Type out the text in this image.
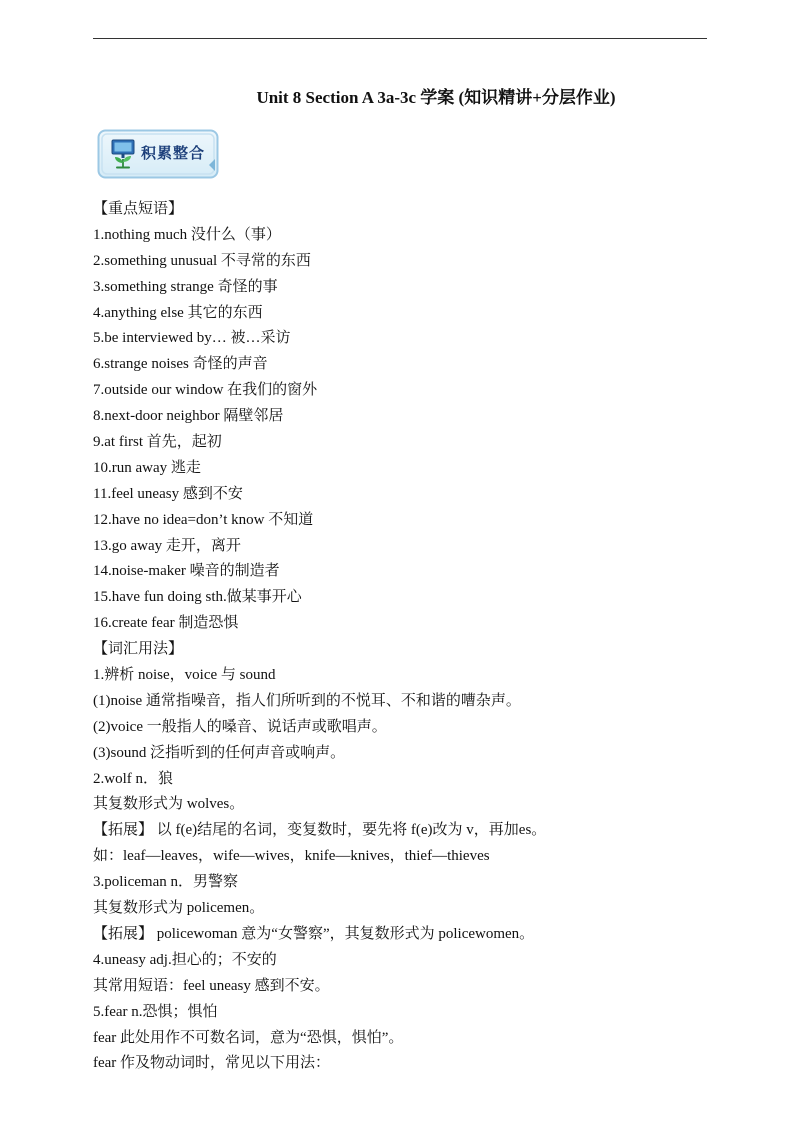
Unit 8 Section A 3a-3c 学案 (知识精讲+分层作业)
积累整合
【重点短语】
1.nothing much 没什么（事）
2.something unusual 不寻常的东西
3.something strange 奇怪的事
4.anything else 其它的东西
5.be interviewed by… 被…采访
6.strange noises 奇怪的声音
7.outside our window 在我们的窗外
8.next-door neighbor 隔壁邻居
9.at first 首先，起初
10.run away 逃走
11.feel uneasy 感到不安
12.have no idea=don’t know 不知道
13.go away 走开，离开
14.noise-maker 噪音的制造者
15.have fun doing sth.做某事开心
16.create fear 制造恐惧
【词汇用法】
1.辨析 noise，voice 与 sound
(1)noise 通常指噪音，指人们所听到的不悦耳、不和谐的嘈杂声。
(2)voice 一般指人的嗓音、说话声或歌唱声。
(3)sound 泛指听到的任何声音或响声。
2.wolf n．狼
其复数形式为 wolves。
【拓展】 以 f(e)结尾的名词，变复数时，要先将 f(e)改为 v，再加es。
如：leaf—leaves，wife—wives，knife—knives，thief—thieves
3.policeman n．男警察
其复数形式为 policemen。
【拓展】 policewoman 意为“女警察”，其复数形式为 policewomen。
4.uneasy adj.担心的；不安的
其常用短语：feel uneasy 感到不安。
5.fear n.恐惧；惧怕
fear 此处用作不可数名词，意为“恐惧，惧怕”。
fear 作及物动词时，常见以下用法：
